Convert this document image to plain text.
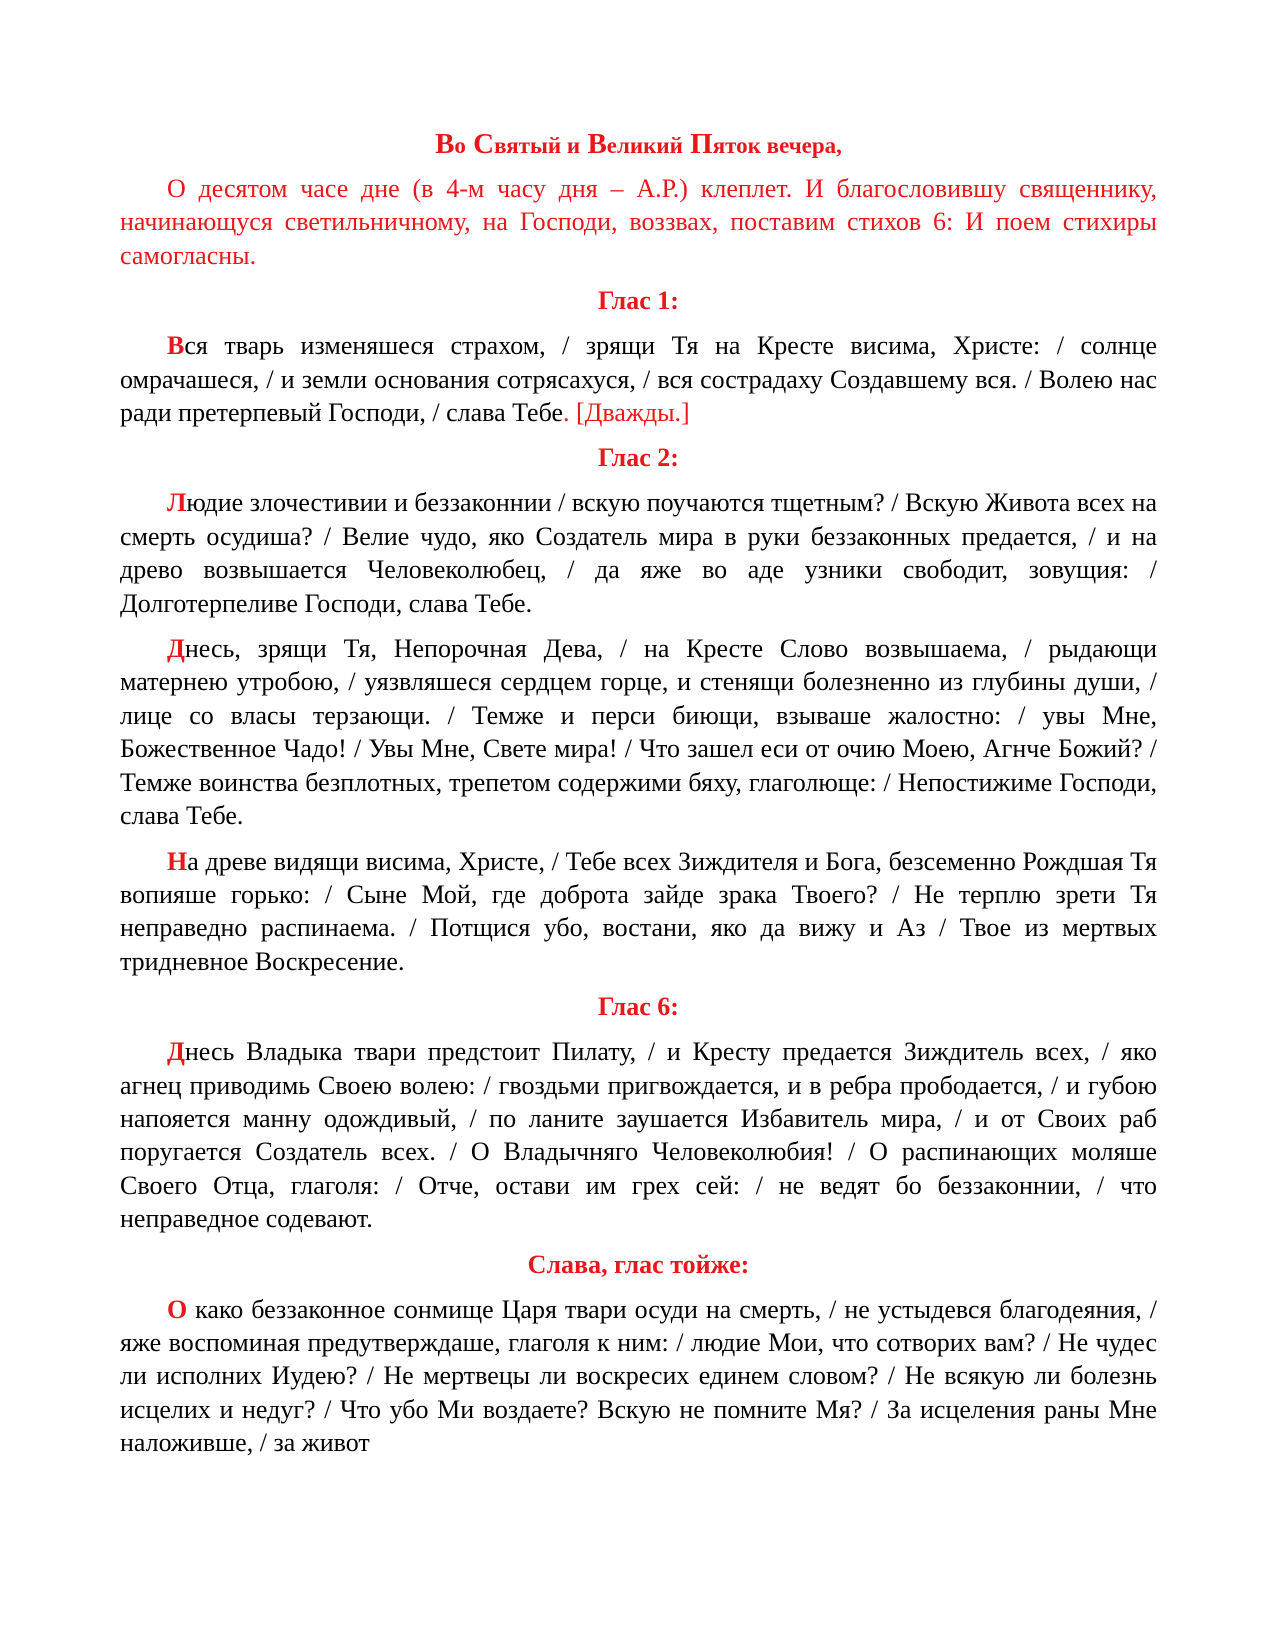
Во Святый и Великий Пяток вечера,

О десятом часе дне (в 4-м часу дня – А.Р.) клеплет. И благословившу священнику, начинающуся светильничному, на Господи, воззвах, поставим стихов 6: И поем стихиры самогласны.

Глас 1:

Вся тварь изменяшеся страхом, / зрящи Тя на Кресте висима, Христе: / солнце омрачашеся, / и земли основания сотрясахуся, / вся сострадаху Создавшему вся. / Волею нас ради претерпевый Господи, / слава Тебе. [Дважды.]

Глас 2:

Людие злочестивии и беззаконнии / вскую поучаются тщетным? / Вскую Живота всех на смерть осудиша? / Велие чудо, яко Создатель мира в руки беззаконных предается, / и на древо возвышается Человеколюбец, / да яже во аде узники свободит, зовущия: / Долготерпеливе Господи, слава Тебе.

Днесь, зрящи Тя, Непорочная Дева, / на Кресте Слово возвышаема, / рыдающи матернею утробою, / уязвляшеся сердцем горце, и стенящи болезненно из глубины души, / лице со власы терзающи. / Темже и перси биющи, взываше жалостно: / увы Мне, Божественное Чадо! / Увы Мне, Свете мира! / Что зашел еси от очию Моею, Агнче Божий? / Темже воинства безплотных, трепетом содержими бяху, глаголюще: / Непостижиме Господи, слава Тебе.

На древе видящи висима, Христе, / Тебе всех Зиждителя и Бога, безсеменно Рождшая Тя вопияше горько: / Сыне Мой, где доброта зайде зрака Твоего? / Не терплю зрети Тя неправедно распинаема. / Потщися убо, востани, яко да вижу и Аз / Твое из мертвых тридневное Воскресение.

Глас 6:

Днесь Владыка твари предстоит Пилату, / и Кресту предается Зиждитель всех, / яко агнец приводимь Своею волею: / гвоздьми пригвождается, и в ребра прободается, / и губою напояется манну одождивый, / по ланите заушается Избавитель мира, / и от Своих раб поругается Создатель всех. / О Владычняго Человеколюбия! / О распинающих моляше Своего Отца, глаголя: / Отче, остави им грех сей: / не ведят бо беззаконнии, / что неправедное содевают.

Слава, глас тойже:

О како беззаконное сонмище Царя твари осуди на смерть, / не устыдевся благодеяния, / яже воспоминая предутверждаше, глаголя к ним: / людие Мои, что сотворих вам? / Не чудес ли исполних Иудею? / Не мертвецы ли воскресих единем словом? / Не всякую ли болезнь исцелих и недуг? / Что убо Ми воздаете? Вскую не помните Мя? / За исцеления раны Мне наложивше, / за живот
